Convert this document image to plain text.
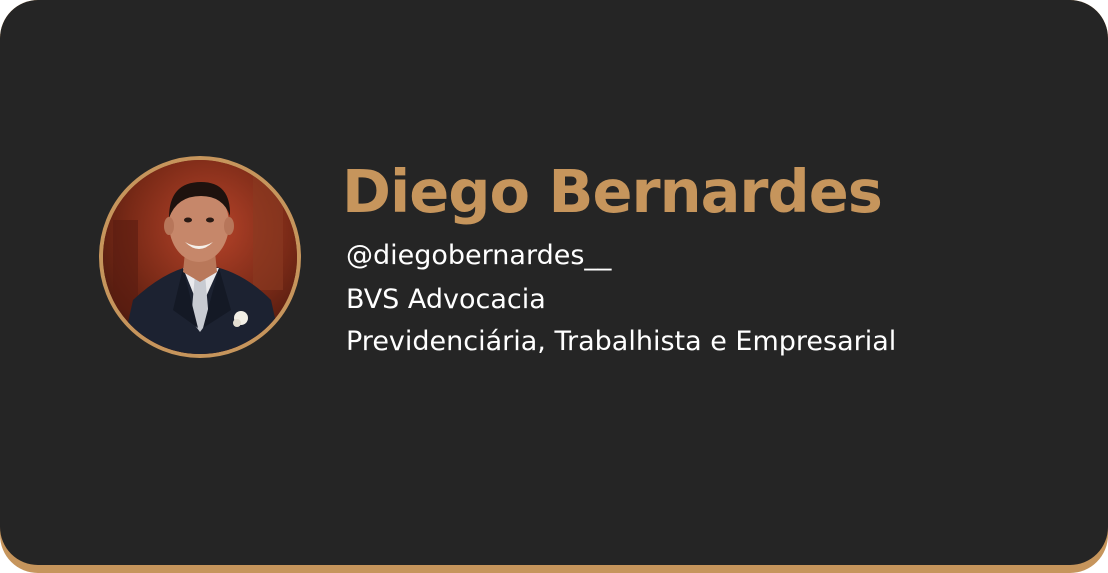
Diego Bernardes

@diegobernardes__

BVS Advocacia

Previdenciária, Trabalhista e Empresarial
